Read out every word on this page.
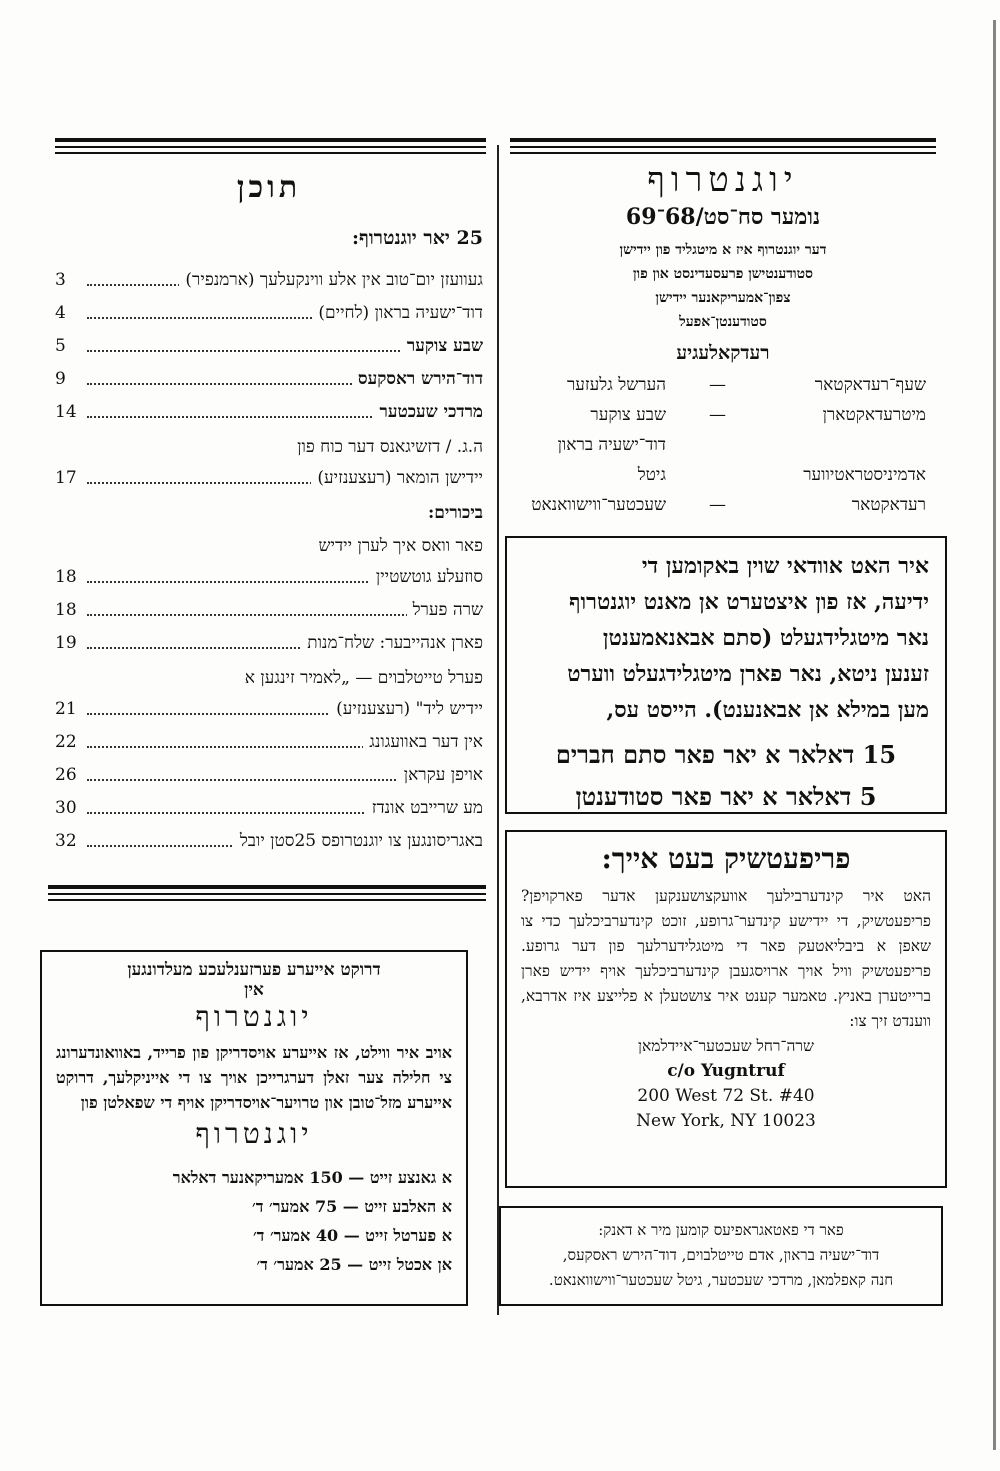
יוגנטרוף
נומער סח־סט/68־69
דער יוגנטרוף איז א מיטגליד פון יידישן
סטודענטישן פרעסעדינסט און פון
צפון־אמעריקאנער יידישן
סטודענטן־אפעל
רעדקאלעגיע
שעף־רעדאקטאר
—
הערשל גלעזער
מיטרעדאקטארן
—
שבע צוקער
דוד־ישעיה בראון
אדמיניסטראטיווער
גיטל
רעדאקטאר
—
שעכטער־ווישוואנאט

איר האט אוודאי שוין באקומען די

ידיעה, אז פון איצטערט אן מאנט יוגנטרוף

נאר מיטגלידגעלט (סתם אבאנאמענטן

זענען ניטא, נאר פארן מיטגלידגעלט ווערט

מען במילא אן אבאנענט). הייסט עס,

15 דאלאר א יאר פאר סתם חברים
5 דאלאר א יאר פאר סטודענטן
פריפעטשיק בעט אייך:
האט איר קינדערבילעך אוועקצושענקען אדער פארקויפן? פריפעטשיק, די יידישע קינדער־גרופע, זוכט קינדערביכלעך כדי צו שאפן א ביבליאטעק פאר די מיטגלידערלעך פון דער גרופע. פריפעטשיק וויל אויך ארויסגעבן קינדערביכלעך אויף יידיש פארן ברייטערן באניץ. טאמער קענט איר צושטעלן א פלייצע איז אדרבא, ווענדט זיך צו:
שרה־רחל שעכטער־איידלמאן
c/o Yugntruf
200 West 72 St. #40
New York, NY 10023

פאר די פאטאגראפיעס קומען מיר א דאנק:

דוד־ישעיה בראון, אדם טייטלבוים, דוד־הירש ראסקעס,

חנה קאפלמאן, מרדכי שעכטער, גיטל שעכטער־ווישוואנאט.

תוכן
25 יאר יוגנטרוף:
געוועזן יום־טוב אין אלע ווינקעלעך (ארמנפיר)
3
דוד־ישעיה בראון (לחיים)
4
שבע צוקער
5
דוד־הירש ראסקעס
9
מרדכי שעכטער
14
ה.ג. / דזשיגאנס דער כוח פון
יידישן הומאר (רעצענזיע)
17
ביכורים:
פאר וואס איך לערן יידיש
סוזעלע גוטשטיין
18
שרה פערל
18
פארן אנהייבער: שלח־מנות
19
פערל טייטלבוים — „לאמיר זינגען א
יידיש ליד" (רעצענזיע)
21
אין דער באוועגונג
22
אויפן עקראן
26
מע שרייבט אונדז
30
באגריסונגען צו יוגנטרופס 25סטן יובל
32

דרוקט אייערע פערזענלעכע מעלדונגען

אין

יוגנטרוף

אויב איר ווילט, אז אייערע אויסדריקן פון פרייד, באוואונדערונג צי חלילה צער זאלן דערגרייכן אויך צו די אייניקלעך, דרוקט אייערע מזל־טובן און טרויער־אויסדריקן אויף די שפאלטן פון

יוגנטרוף

א גאנצע זייט — 150 אמעריקאנער דאלאר

א האלבע זייט — 75 אמער׳ ד׳

א פערטל זייט — 40 אמער׳ ד׳

אן אכטל זייט — 25 אמער׳ ד׳
